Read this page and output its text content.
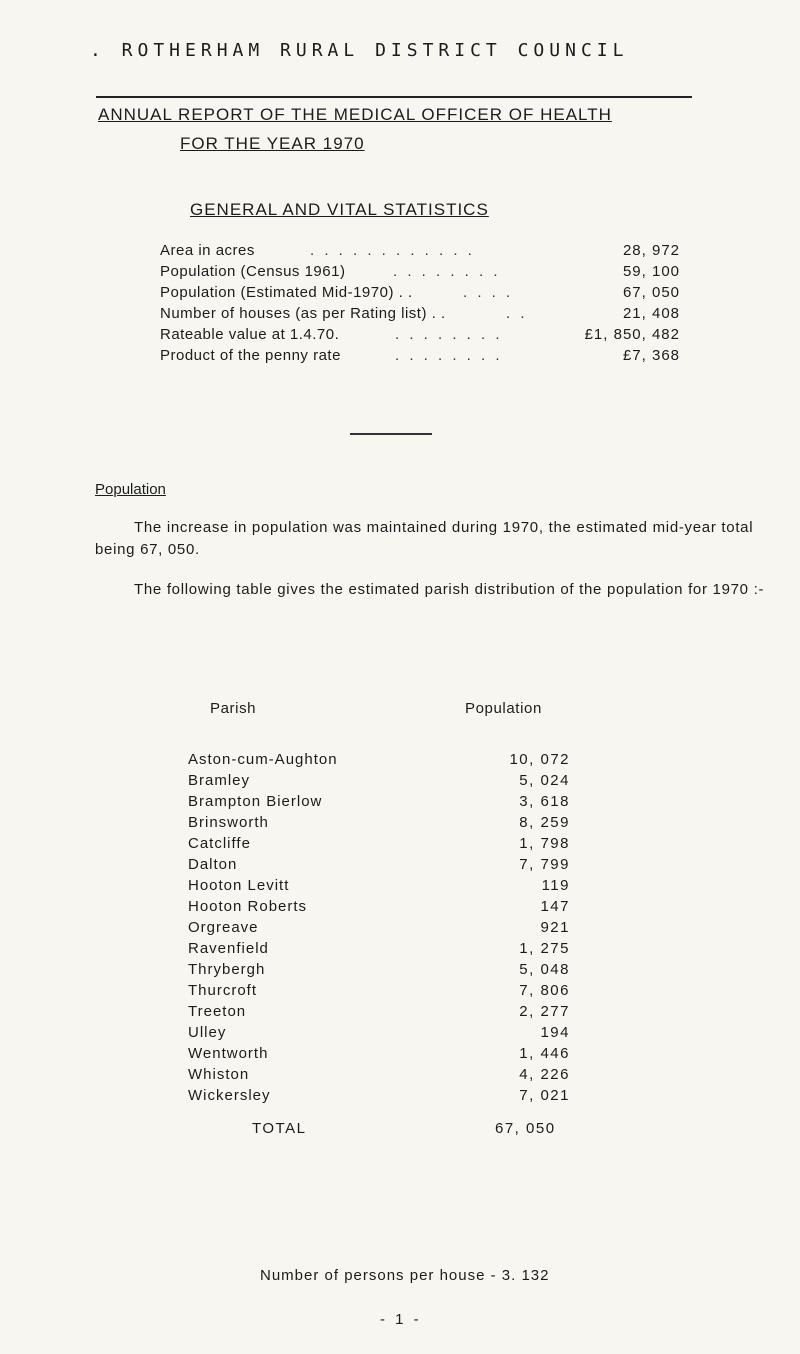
. ROTHERHAM RURAL DISTRICT COUNCIL
ANNUAL REPORT OF THE MEDICAL OFFICER OF HEALTH
FOR THE YEAR 1970
GENERAL AND VITAL STATISTICS
Area in acres	. . . . . . . . . . . .	28, 972
Population (Census 1961)	. . . . . . . .	59, 100
Population (Estimated Mid-1970) . .	. . . .	67, 050
Number of houses (as per Rating list) . .	. .	21, 408
Rateable value at 1.4.70.	. . . . . . . .	£1, 850, 482
Product of the penny rate	. . . . . . . .	£7, 368
Population
The increase in population was maintained during 1970, the estimated mid-year total being 67, 050.
The following table gives the estimated parish distribution of the population for 1970 :-
Parish	Population
Aston-cum-Aughton	10, 072
Bramley	5, 024
Brampton Bierlow	3, 618
Brinsworth	8, 259
Catcliffe	1, 798
Dalton	7, 799
Hooton Levitt	119
Hooton Roberts	147
Orgreave	921
Ravenfield	1, 275
Thrybergh	5, 048
Thurcroft	7, 806
Treeton	2, 277
Ulley	194
Wentworth	1, 446
Whiston	4, 226
Wickersley	7, 021
TOTAL	67, 050
Number of persons per house - 3. 132
- 1 -
